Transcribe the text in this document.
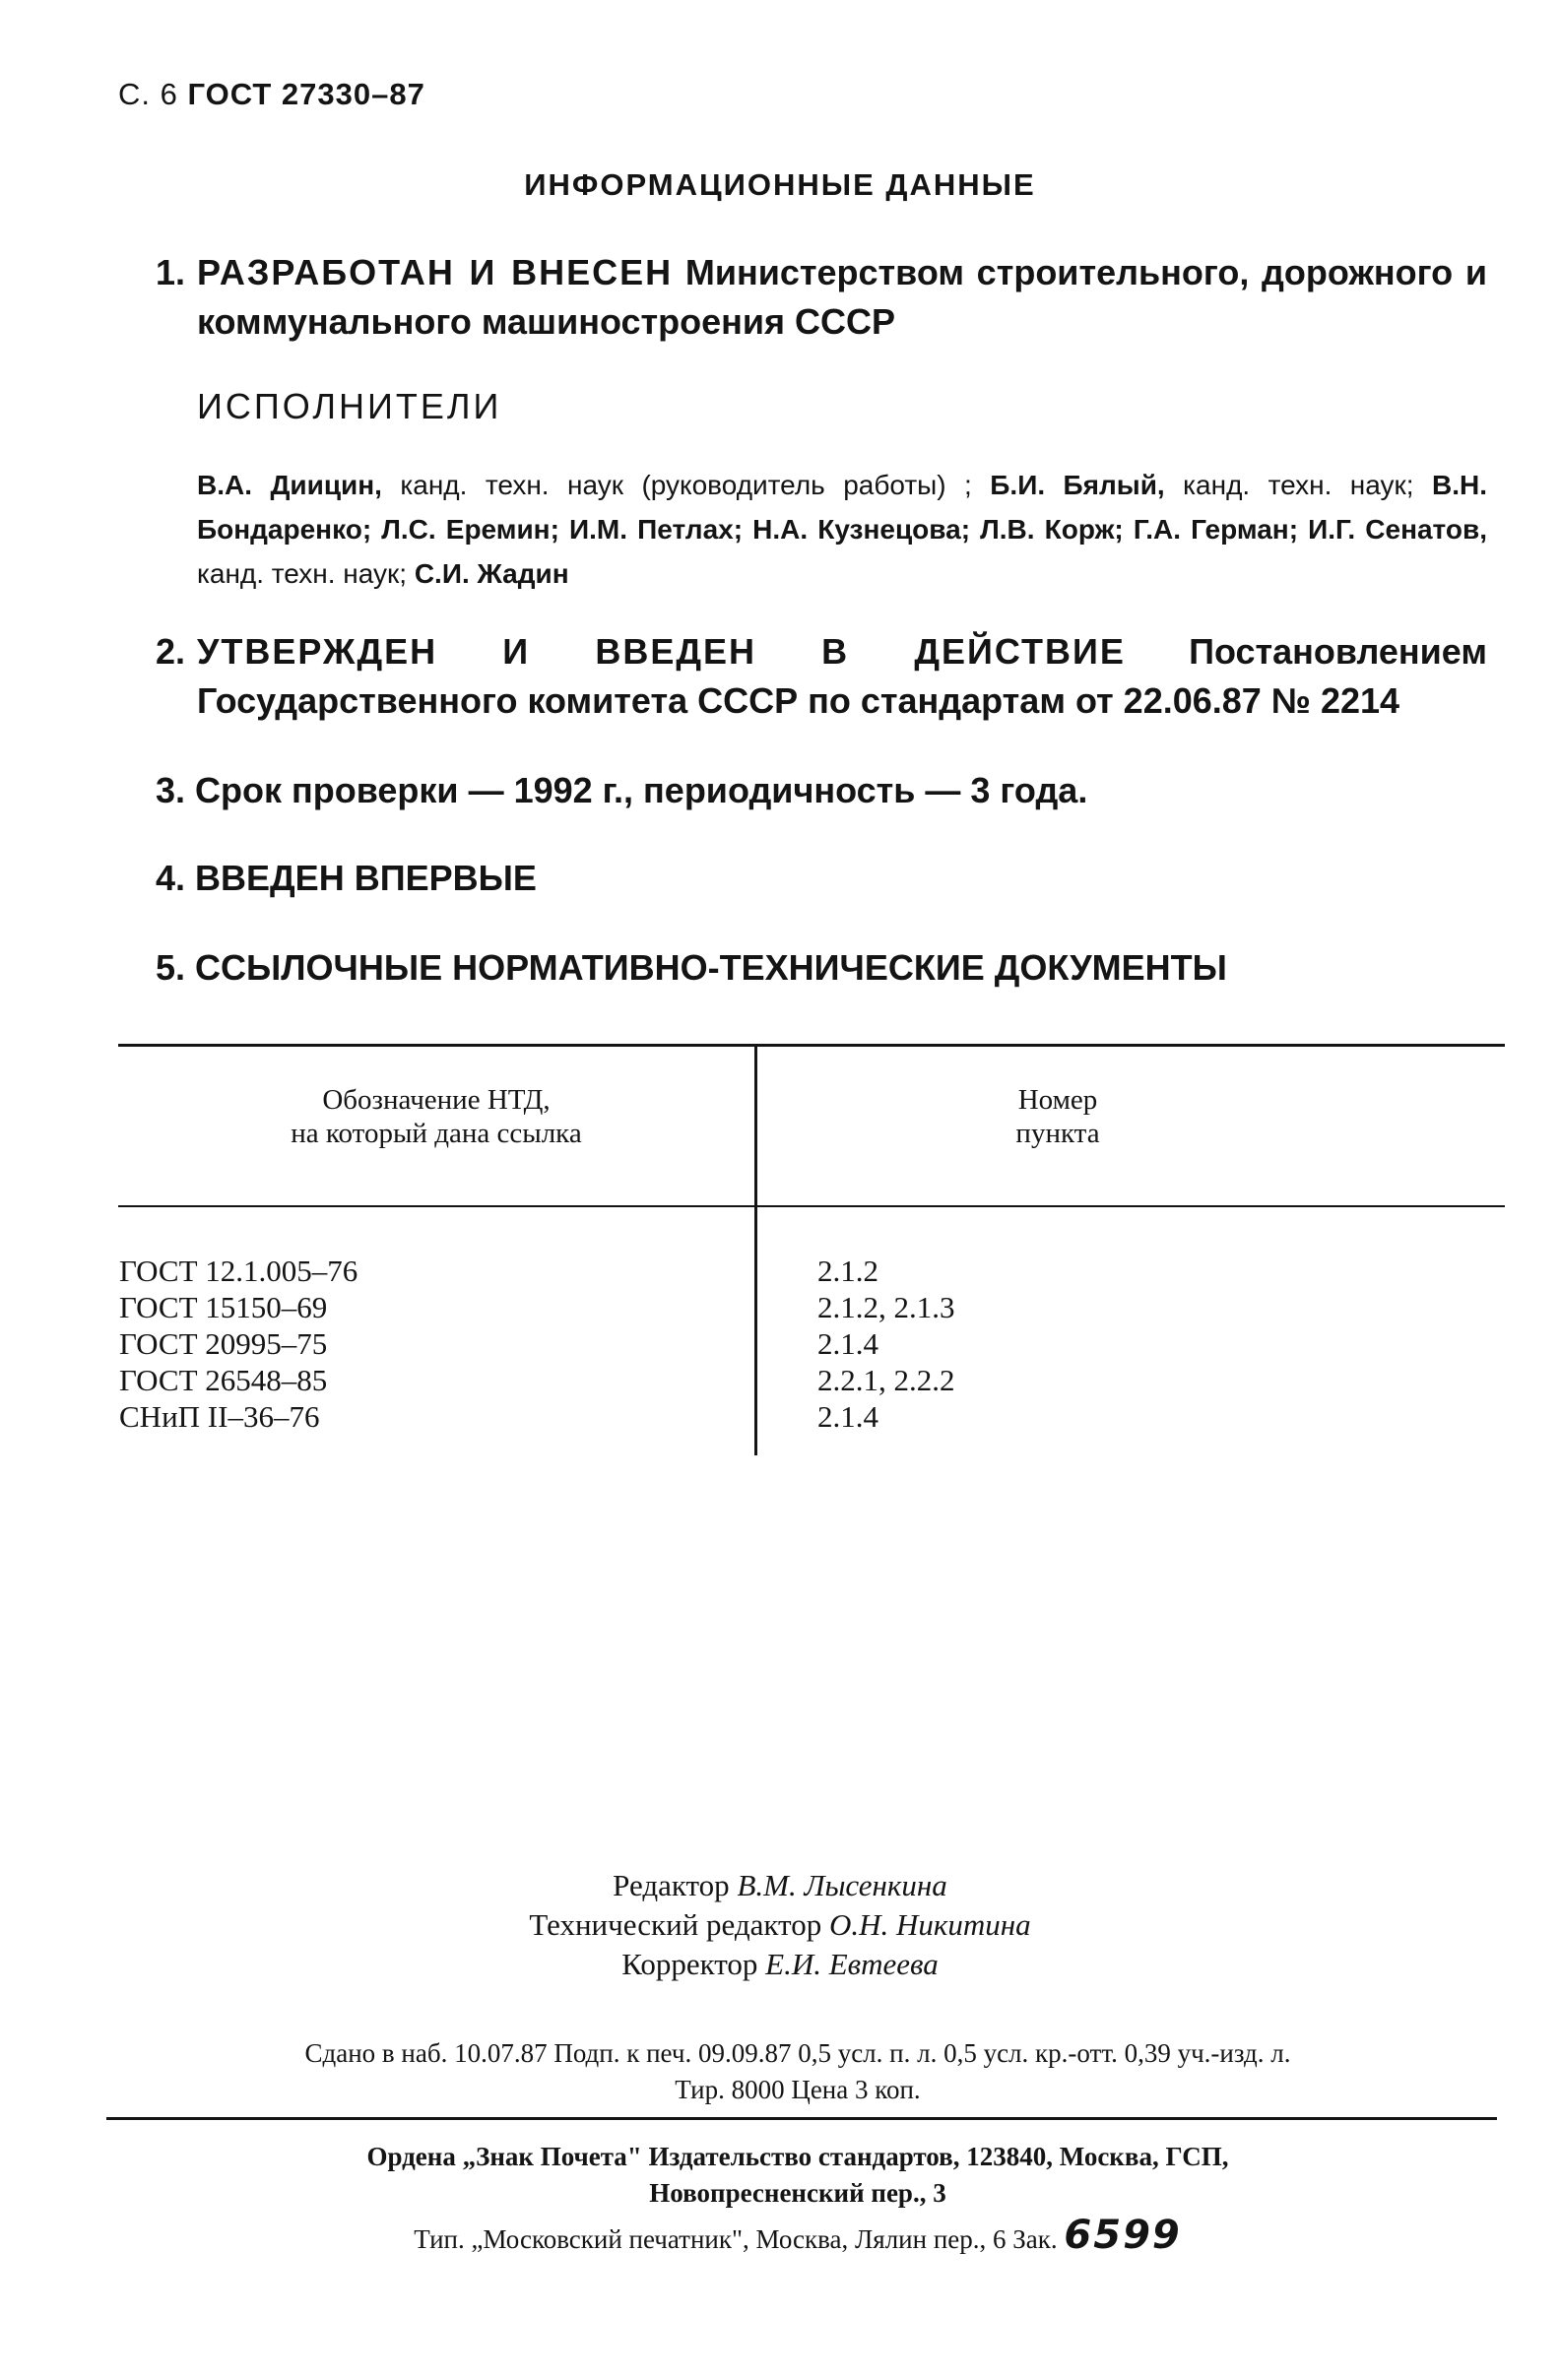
С. 6 ГОСТ 27330–87
ИНФОРМАЦИОННЫЕ ДАННЫЕ
1. РАЗРАБОТАН И ВНЕСЕН Министерством строительного, дорожного и коммунального машиностроения СССР
ИСПОЛНИТЕЛИ
В.А. Диицин, канд. техн. наук (руководитель работы) ; Б.И. Бялый, канд. техн. наук; В.Н. Бондаренко; Л.С. Еремин; И.М. Петлах; Н.А. Кузнецова; Л.В. Корж; Г.А. Герман; И.Г. Сенатов, канд. техн. наук; С.И. Жадин
2. УТВЕРЖДЕН И ВВЕДЕН В ДЕЙСТВИЕ Постановлением Государственного комитета СССР по стандартам от 22.06.87 № 2214
3. Срок проверки — 1992 г., периодичность — 3 года.
4. ВВЕДЕН ВПЕРВЫЕ
5. ССЫЛОЧНЫЕ НОРМАТИВНО-ТЕХНИЧЕСКИЕ ДОКУМЕНТЫ
Обозначение НТД,
на который дана ссылка
Номер
пункта
ГОСТ 12.1.005–76
ГОСТ 15150–69
ГОСТ 20995–75
ГОСТ 26548–85
СНиП II–36–76
2.1.2
2.1.2, 2.1.3
2.1.4
2.2.1, 2.2.2
2.1.4
Редактор В.М. Лысенкина
Технический редактор О.Н. Никитина
Корректор Е.И. Евтеева
Сдано в наб. 10.07.87 Подп. к печ. 09.09.87 0,5 усл. п. л. 0,5 усл. кр.-отт. 0,39 уч.-изд. л.
Тир. 8000 Цена 3 коп.
Ордена „Знак Почета" Издательство стандартов, 123840, Москва, ГСП,
Новопресненский пер., 3
Тип. „Московский печатник", Москва, Лялин пер., 6 Зак. 6599
